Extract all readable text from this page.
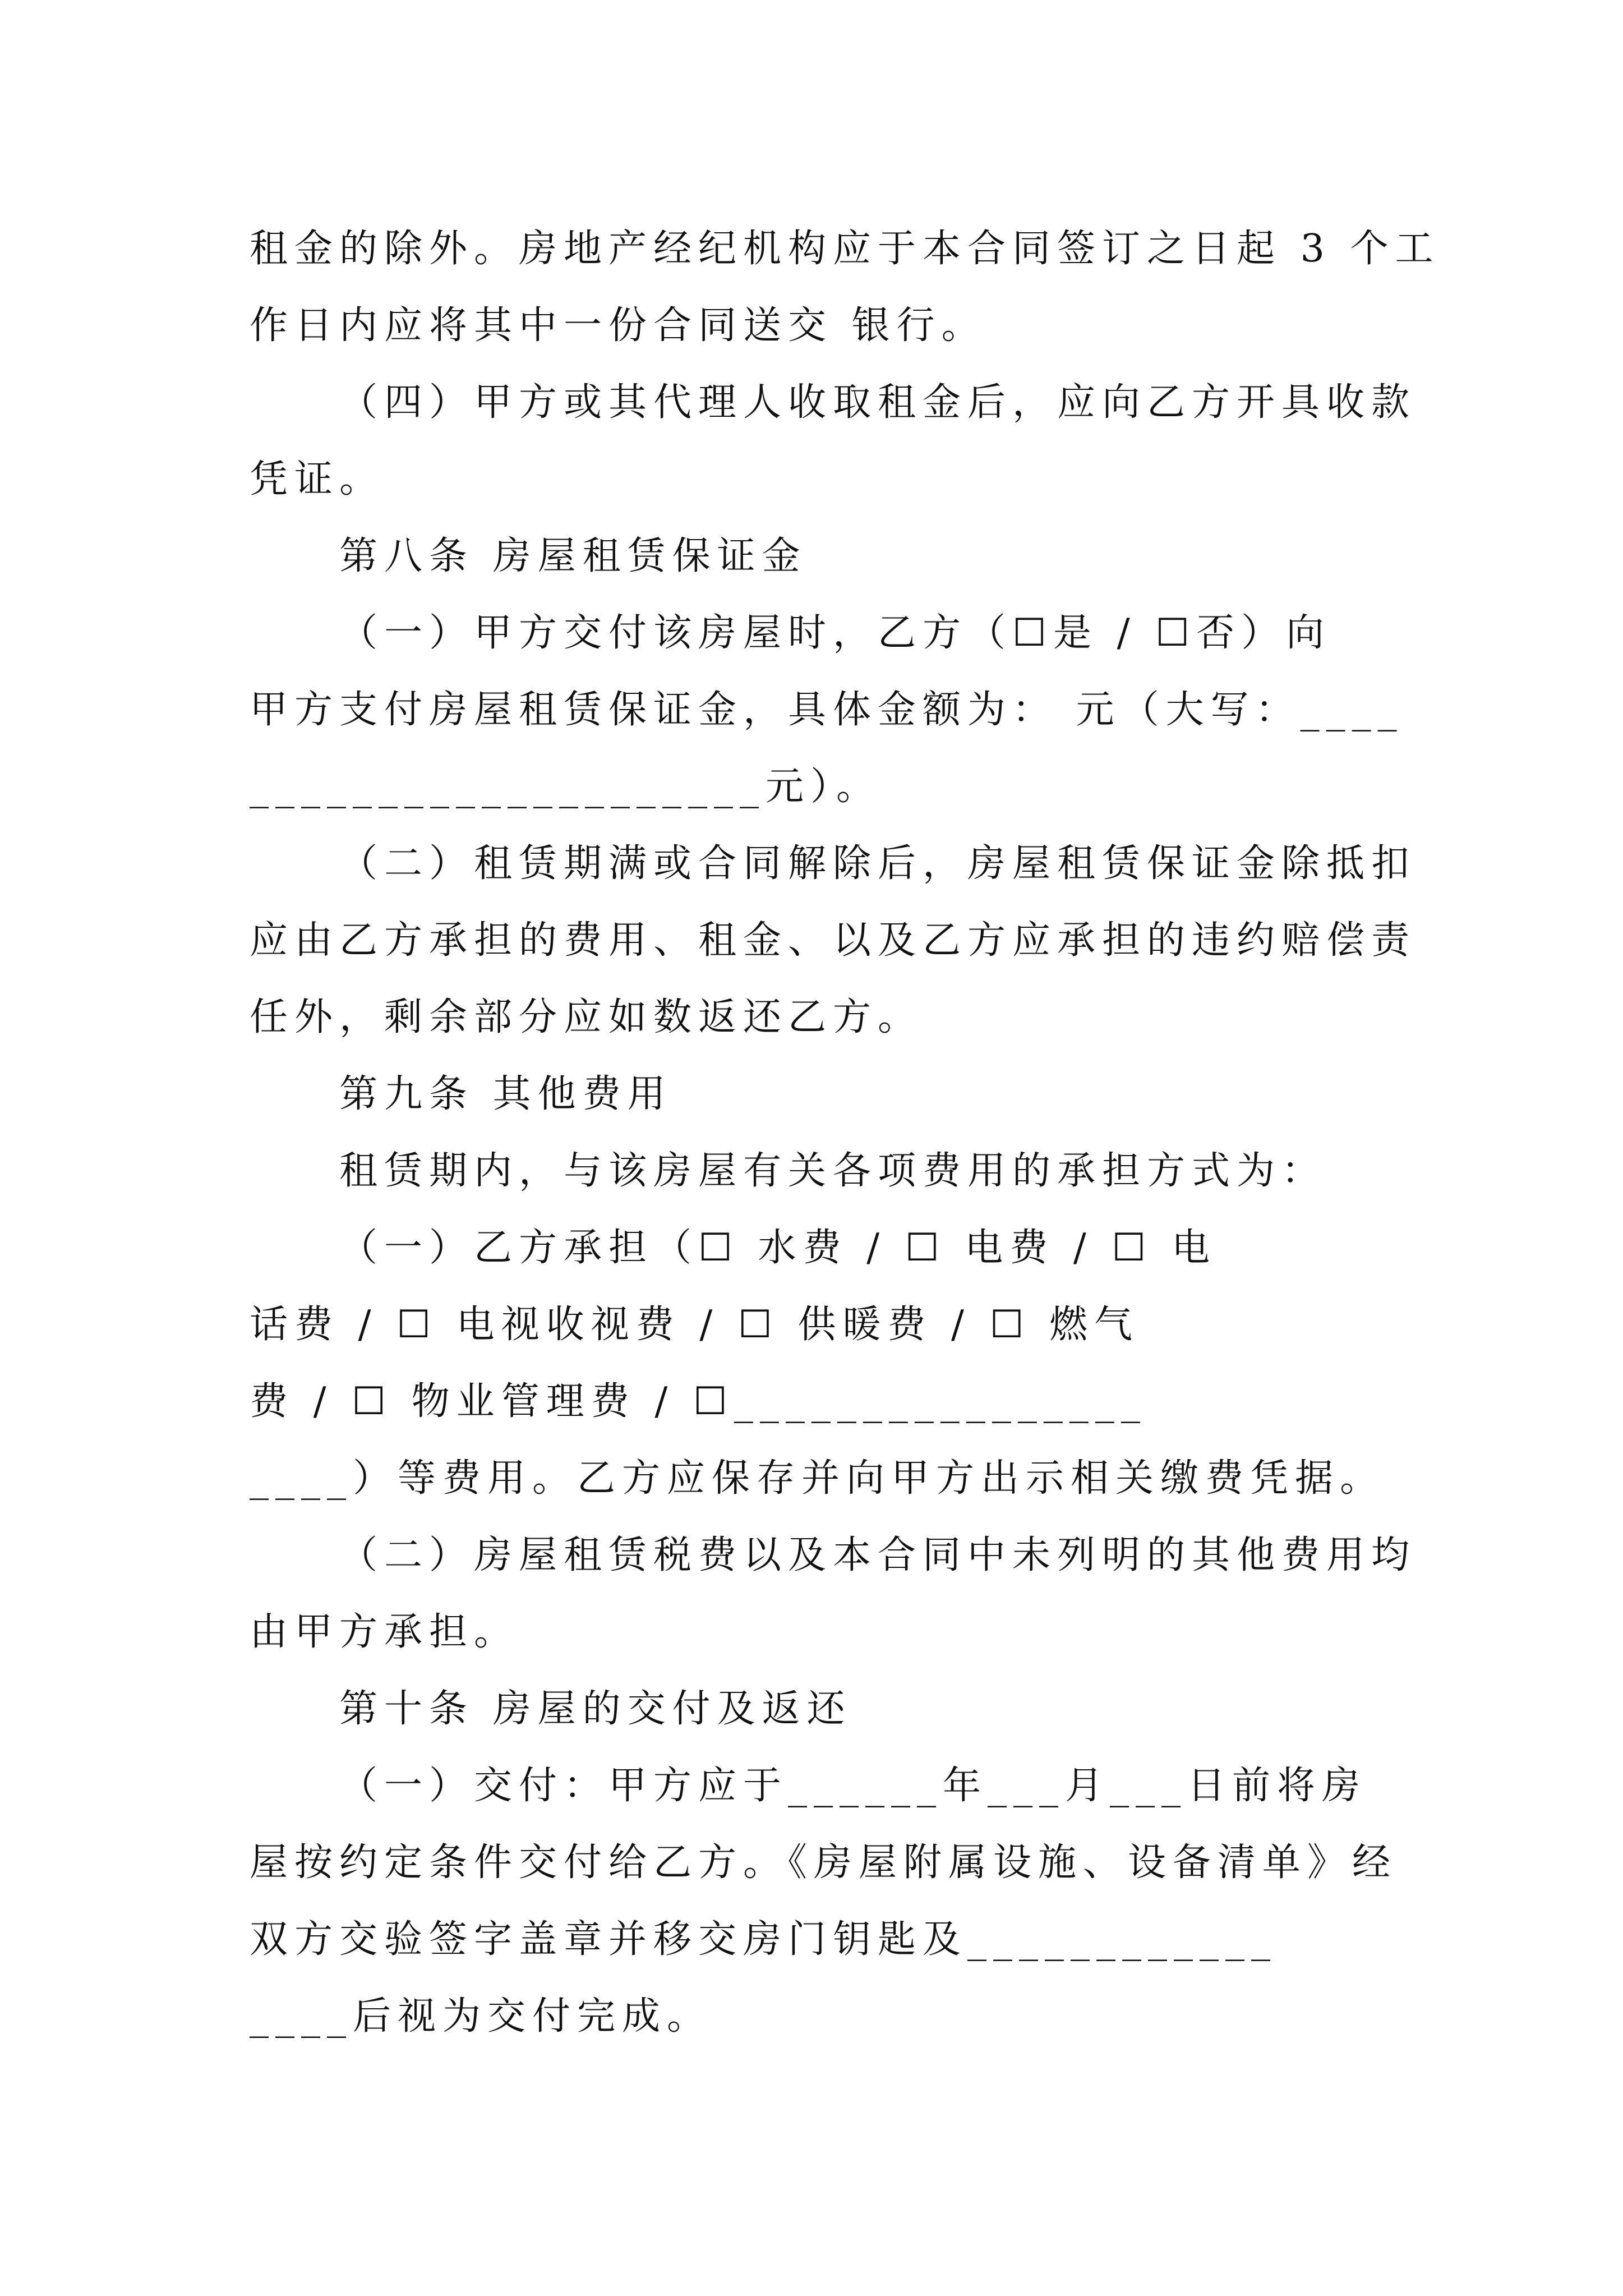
租金的除外。房地产经纪机构应于本合同签订之日起 3 个工
作日内应将其中一份合同送交 银行。
（四）甲方或其代理人收取租金后，应向乙方开具收款
凭证。
第八条 房屋租赁保证金
（一）甲方交付该房屋时，乙方（☐是 / ☐否）向
甲方支付房屋租赁保证金，具体金额为： 元（大写：____
____________________元）。
（二）租赁期满或合同解除后，房屋租赁保证金除抵扣
应由乙方承担的费用、租金、以及乙方应承担的违约赔偿责
任外，剩余部分应如数返还乙方。
第九条 其他费用
租赁期内，与该房屋有关各项费用的承担方式为：
（一）乙方承担（☐ 水费 / ☐ 电费 / ☐ 电
话费 / ☐ 电视收视费 / ☐ 供暖费 / ☐ 燃气
费 / ☐ 物业管理费 / ☐________________
____）等费用。乙方应保存并向甲方出示相关缴费凭据。
（二）房屋租赁税费以及本合同中未列明的其他费用均
由甲方承担。
第十条 房屋的交付及返还
（一）交付：甲方应于______年___月___日前将房
屋按约定条件交付给乙方。《房屋附属设施、设备清单》经
双方交验签字盖章并移交房门钥匙及____________
____后视为交付完成。
